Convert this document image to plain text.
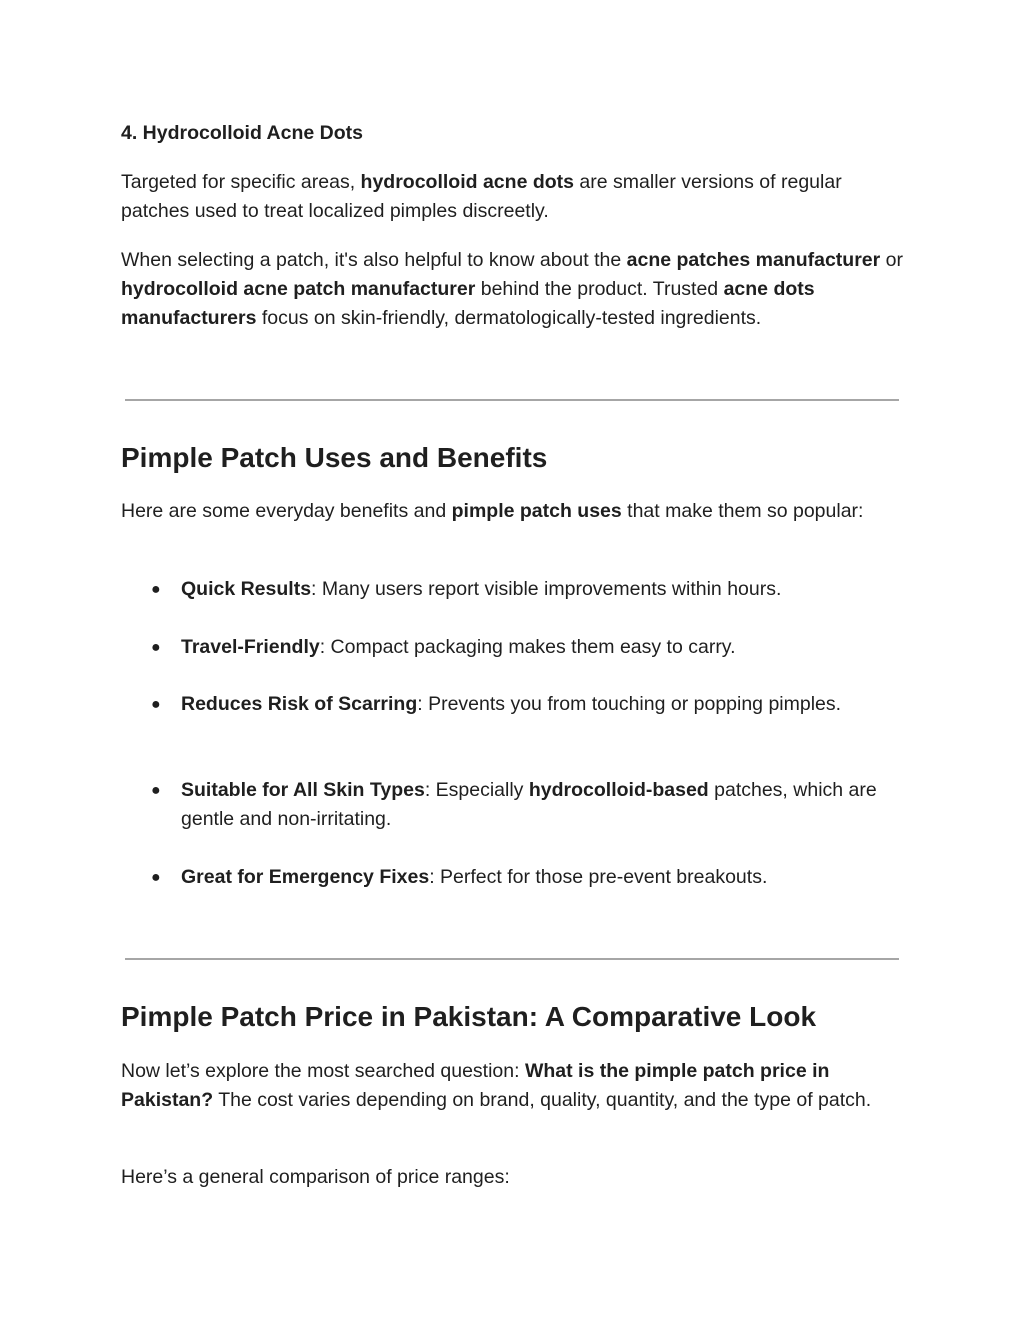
4. Hydrocolloid Acne Dots

Targeted for specific areas, hydrocolloid acne dots are smaller versions of regular patches used to treat localized pimples discreetly.

When selecting a patch, it's also helpful to know about the acne patches manufacturer or hydrocolloid acne patch manufacturer behind the product. Trusted acne dots manufacturers focus on skin-friendly, dermatologically-tested ingredients.

Pimple Patch Uses and Benefits

Here are some everyday benefits and pimple patch uses that make them so popular:

●	Quick Results: Many users report visible improvements within hours.

●	Travel-Friendly: Compact packaging makes them easy to carry.

●	Reduces Risk of Scarring: Prevents you from touching or popping pimples.

●	Suitable for All Skin Types: Especially hydrocolloid-based patches, which are gentle and non-irritating.

●	Great for Emergency Fixes: Perfect for those pre-event breakouts.

Pimple Patch Price in Pakistan: A Comparative Look

Now let’s explore the most searched question: What is the pimple patch price in Pakistan? The cost varies depending on brand, quality, quantity, and the type of patch.

Here’s a general comparison of price ranges:
